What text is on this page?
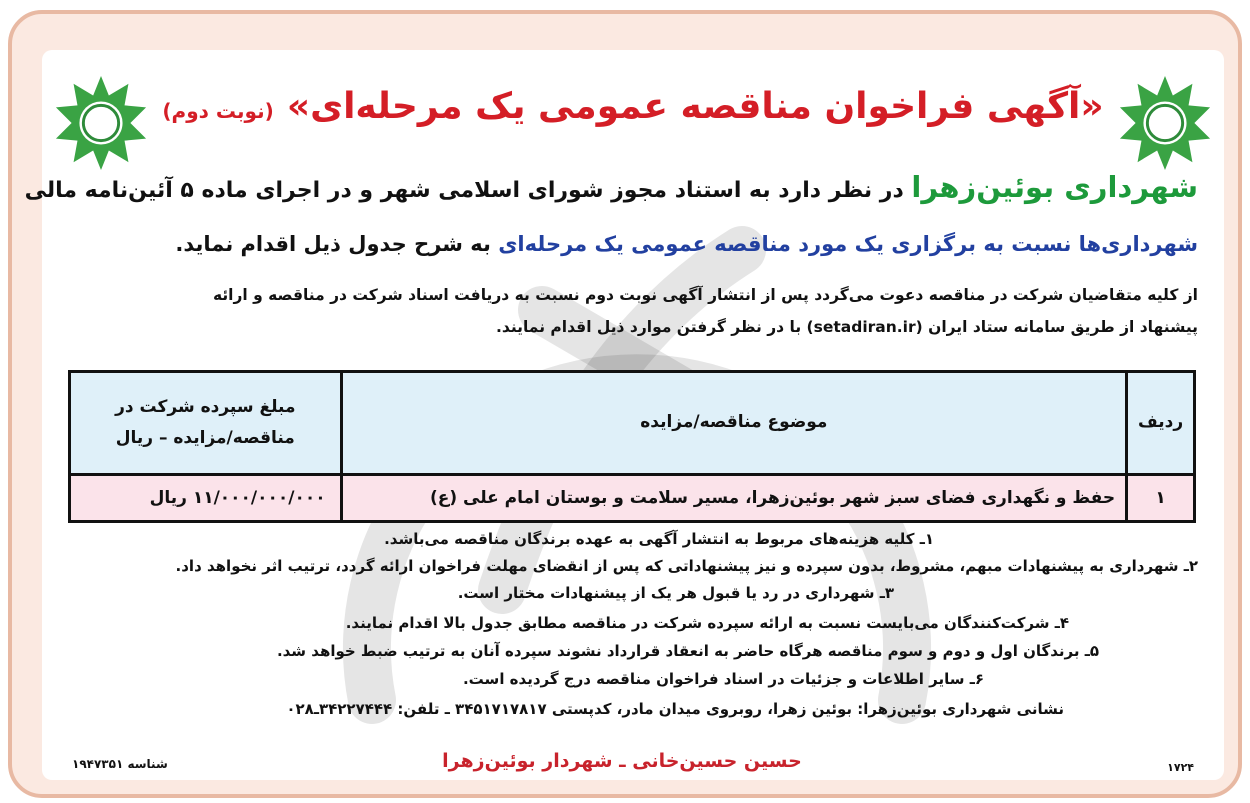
«آگهی فراخوان مناقصه عمومی یک مرحله‌ای» (نوبت دوم)
شهرداری بوئین‌زهرا در نظر دارد به استناد مجوز شورای اسلامی شهر و در اجرای ماده ۵ آئین‌نامه مالی
شهرداری‌ها نسبت به برگزاری یک مورد مناقصه عمومی یک مرحله‌ای به شرح جدول ذیل اقدام نماید.
از کلیه متقاضیان شرکت در مناقصه دعوت می‌گردد پس از انتشار آگهی نوبت دوم نسبت به دریافت اسناد شرکت در مناقصه و ارائه
پیشنهاد از طریق سامانه ستاد ایران (setadiran.ir) با در نظر گرفتن موارد ذیل اقدام نمایند.
ردیف	موضوع مناقصه/مزایده	مبلغ سپرده شرکت در
مناقصه/مزایده – ریال

۱	حفظ و نگهداری فضای سبز شهر بوئین‌زهرا، مسیر سلامت و بوستان امام علی (ع)	۱۱/۰۰۰/۰۰۰/۰۰۰ ریال
۱ـ کلیه هزینه‌های مربوط به انتشار آگهی به عهده برندگان مناقصه می‌باشد.
۲ـ شهرداری به پیشنهادات مبهم، مشروط، بدون سپرده و نیز پیشنهاداتی که پس از انقضای مهلت فراخوان ارائه گردد، ترتیب اثر نخواهد داد.
۳ـ شهرداری در رد یا قبول هر یک از پیشنهادات مختار است.
۴ـ شرکت‌کنندگان می‌بایست نسبت به ارائه سپرده شرکت در مناقصه مطابق جدول بالا اقدام نمایند.
۵ـ برندگان اول و دوم و سوم مناقصه هرگاه حاضر به انعقاد قرارداد نشوند سپرده آنان به ترتیب ضبط خواهد شد.
۶ـ سایر اطلاعات و جزئیات در اسناد فراخوان مناقصه درج گردیده است.
نشانی شهرداری بوئین‌زهرا: بوئین زهرا، روبروی میدان مادر، کدپستی ۳۴۵۱۷۱۷۸۱۷ ـ تلفن: ۳۴۲۲۷۴۴۴ـ۰۲۸
حسین حسین‌خانی ـ شهردار بوئین‌زهرا
شناسه ۱۹۴۷۳۵۱	۱۷۲۴
